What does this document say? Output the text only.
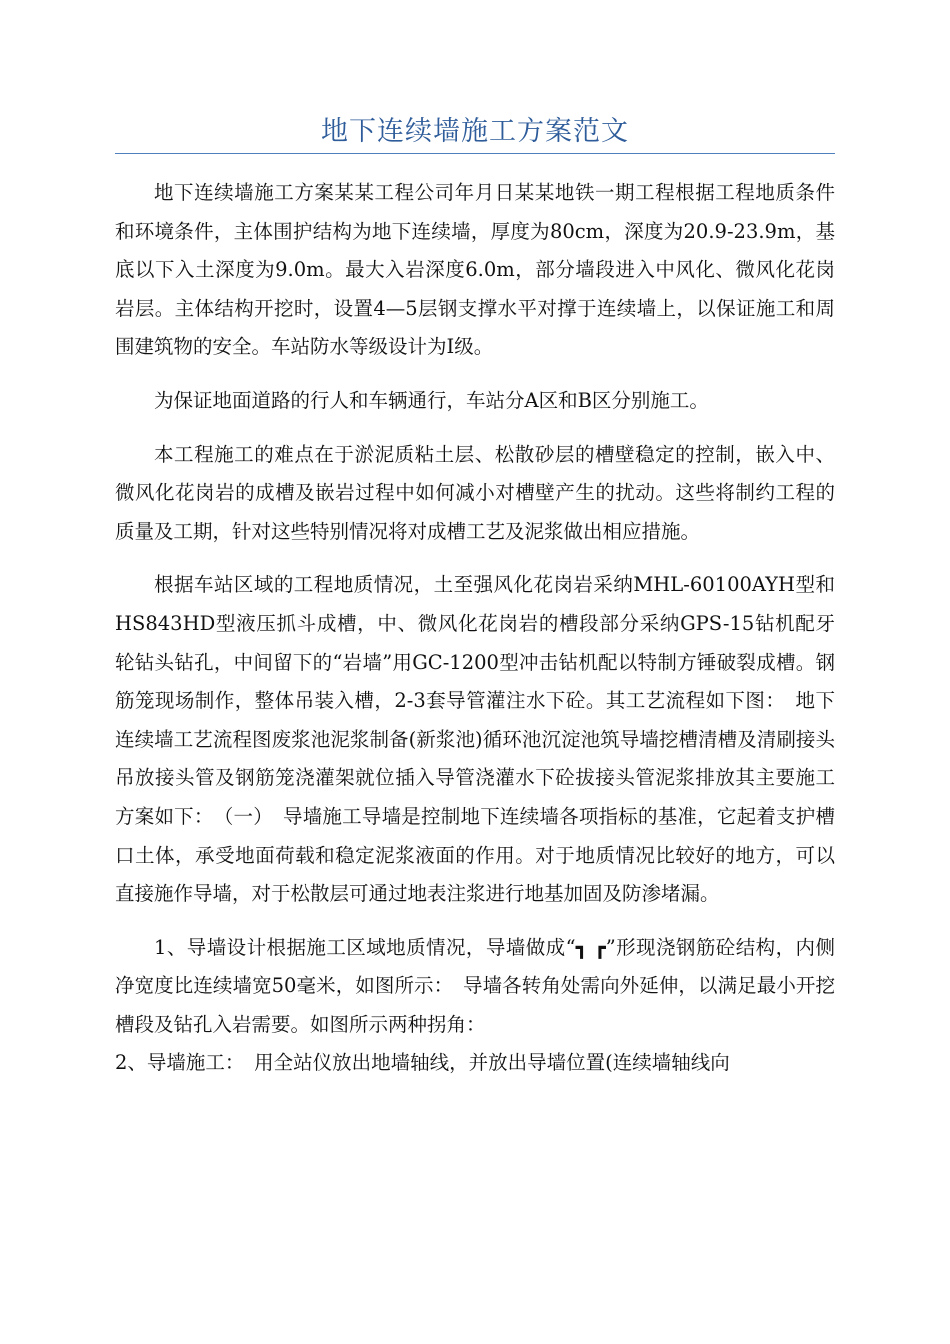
地下连续墙施工方案范文

地下连续墙施工方案某某工程公司年月日某某地铁一期工程根据工程地质条件和环境条件，主体围护结构为地下连续墙，厚度为80cm，深度为20.9-23.9m，基底以下入土深度为9.0m。最大入岩深度6.0m，部分墙段进入中风化、微风化花岗岩层。主体结构开挖时，设置4—5层钢支撑水平对撑于连续墙上，以保证施工和周围建筑物的安全。车站防水等级设计为Ⅰ级。

为保证地面道路的行人和车辆通行，车站分A区和B区分别施工。

本工程施工的难点在于淤泥质粘土层、松散砂层的槽壁稳定的控制，嵌入中、微风化花岗岩的成槽及嵌岩过程中如何减小对槽壁产生的扰动。这些将制约工程的质量及工期，针对这些特别情况将对成槽工艺及泥浆做出相应措施。

根据车站区域的工程地质情况，土至强风化花岗岩采纳MHL-60100AYH型和HS843HD型液压抓斗成槽，中、微风化花岗岩的槽段部分采纳GPS-15钻机配牙轮钻头钻孔，中间留下的“岩墙”用GC-1200型冲击钻机配以特制方锤破裂成槽。钢筋笼现场制作，整体吊装入槽，2-3套导管灌注水下砼。其工艺流程如下图：　地下连续墙工艺流程图废浆池泥浆制备(新浆池)循环池沉淀池筑导墙挖槽清槽及清刷接头吊放接头管及钢筋笼浇灌架就位插入导管浇灌水下砼拔接头管泥浆排放其主要施工方案如下：　（一）　导墙施工导墙是控制地下连续墙各项指标的基准，它起着支护槽口土体，承受地面荷载和稳定泥浆液面的作用。对于地质情况比较好的地方，可以直接施作导墙，对于松散层可通过地表注浆进行地基加固及防渗堵漏。

1、导墙设计根据施工区域地质情况，导墙做成“┓ ┏”形现浇钢筋砼结构，内侧净宽度比连续墙宽50毫米，如图所示：　导墙各转角处需向外延伸，以满足最小开挖槽段及钻孔入岩需要。如图所示两种拐角：

2、导墙施工：　用全站仪放出地墙轴线，并放出导墙位置(连续墙轴线向
